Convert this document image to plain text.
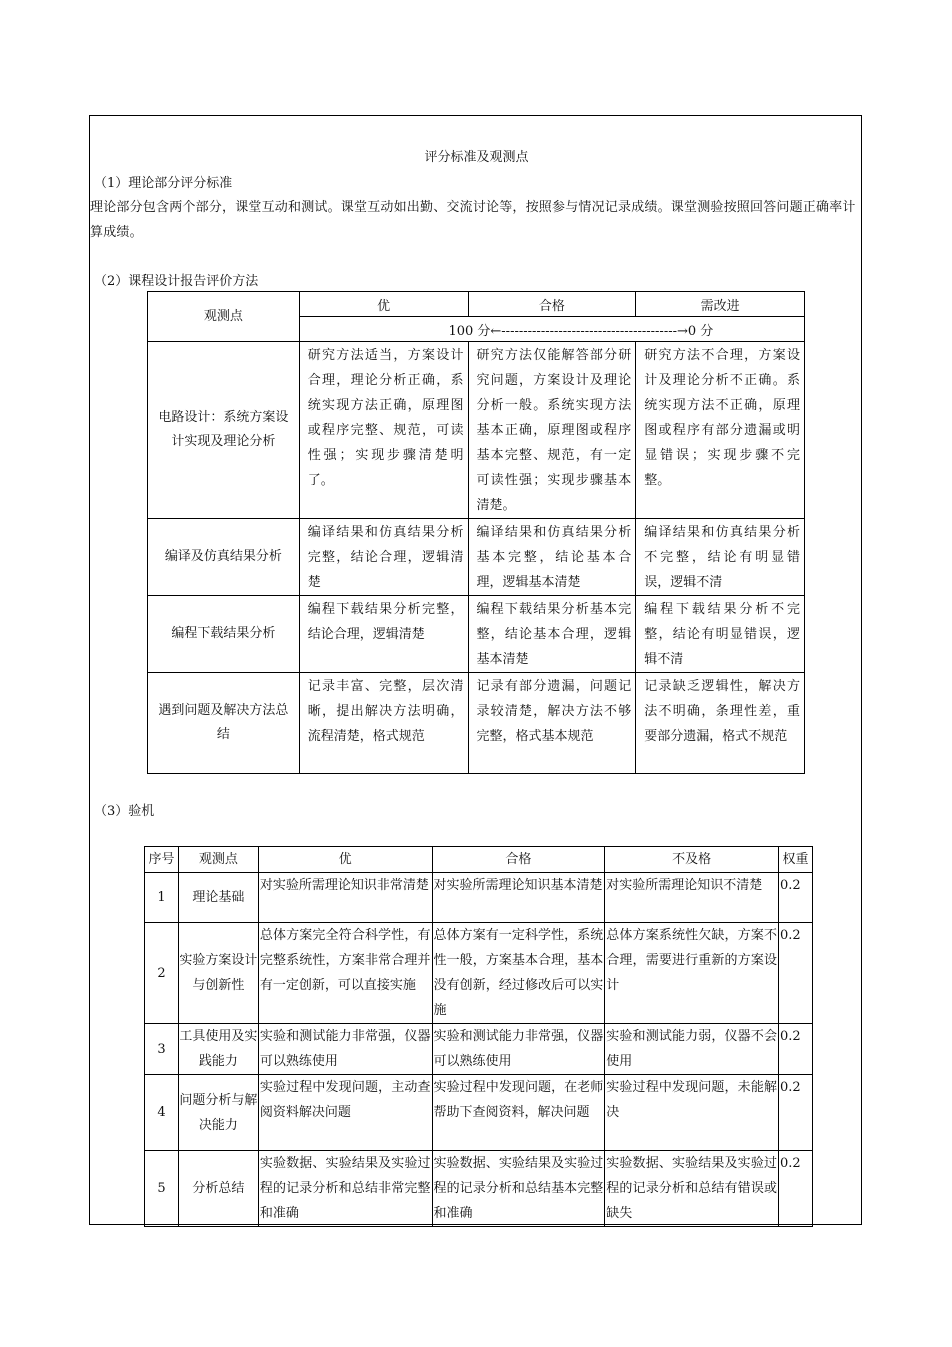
评分标准及观测点
（1）理论部分评分标准
理论部分包含两个部分，课堂互动和测试。课堂互动如出勤、交流讨论等，按照参与情况记录成绩。课堂测验按照回答问题正确率计算成绩。
（2）课程设计报告评价方法
观测点	优	合格	需改进
	100 分←----------------------------------------→0 分		
电路设计：系统方案设计实现及理论分析	研究方法适当，方案设计合理，理论分析正确，系统实现方法正确，原理图或程序完整、规范，可读性强；实现步骤清楚明了。	研究方法仅能解答部分研究问题，方案设计及理论分析一般。系统实现方法基本正确，原理图或程序基本完整、规范，有一定可读性强；实现步骤基本清楚。	研究方法不合理，方案设计及理论分析不正确。系统实现方法不正确，原理图或程序有部分遗漏或明显错误；实现步骤不完整。
编译及仿真结果分析	编译结果和仿真结果分析完整，结论合理，逻辑清楚	编译结果和仿真结果分析基本完整，结论基本合理，逻辑基本清楚	编译结果和仿真结果分析不完整，结论有明显错误，逻辑不清
编程下载结果分析	编程下载结果分析完整，结论合理，逻辑清楚	编程下载结果分析基本完整，结论基本合理，逻辑基本清楚	编程下载结果分析不完整，结论有明显错误，逻辑不清
遇到问题及解决方法总结	记录丰富、完整，层次清晰，提出解决方法明确，流程清楚，格式规范	记录有部分遗漏，问题记录较清楚，解决方法不够完整，格式基本规范	记录缺乏逻辑性，解决方法不明确，条理性差，重要部分遗漏，格式不规范
（3）验机
序号	观测点	优	合格	不及格	权重
1	理论基础	对实验所需理论知识非常清楚	对实验所需理论知识基本清楚	对实验所需理论知识不清楚	0.2
2	实验方案设计与创新性	总体方案完全符合科学性，有完整系统性，方案非常合理并有一定创新，可以直接实施	总体方案有一定科学性，系统性一般，方案基本合理，基本没有创新，经过修改后可以实施	总体方案系统性欠缺，方案不合理，需要进行重新的方案设计	0.2
3	工具使用及实践能力	实验和测试能力非常强，仪器可以熟练使用	实验和测试能力非常强，仪器可以熟练使用	实验和测试能力弱，仪器不会使用	0.2
4	问题分析与解决能力	实验过程中发现问题，主动查阅资料解决问题	实验过程中发现问题，在老师帮助下查阅资料，解决问题	实验过程中发现问题，未能解决	0.2
5	分析总结	实验数据、实验结果及实验过程的记录分析和总结非常完整和准确	实验数据、实验结果及实验过程的记录分析和总结基本完整和准确	实验数据、实验结果及实验过程的记录分析和总结有错误或缺失	0.2
